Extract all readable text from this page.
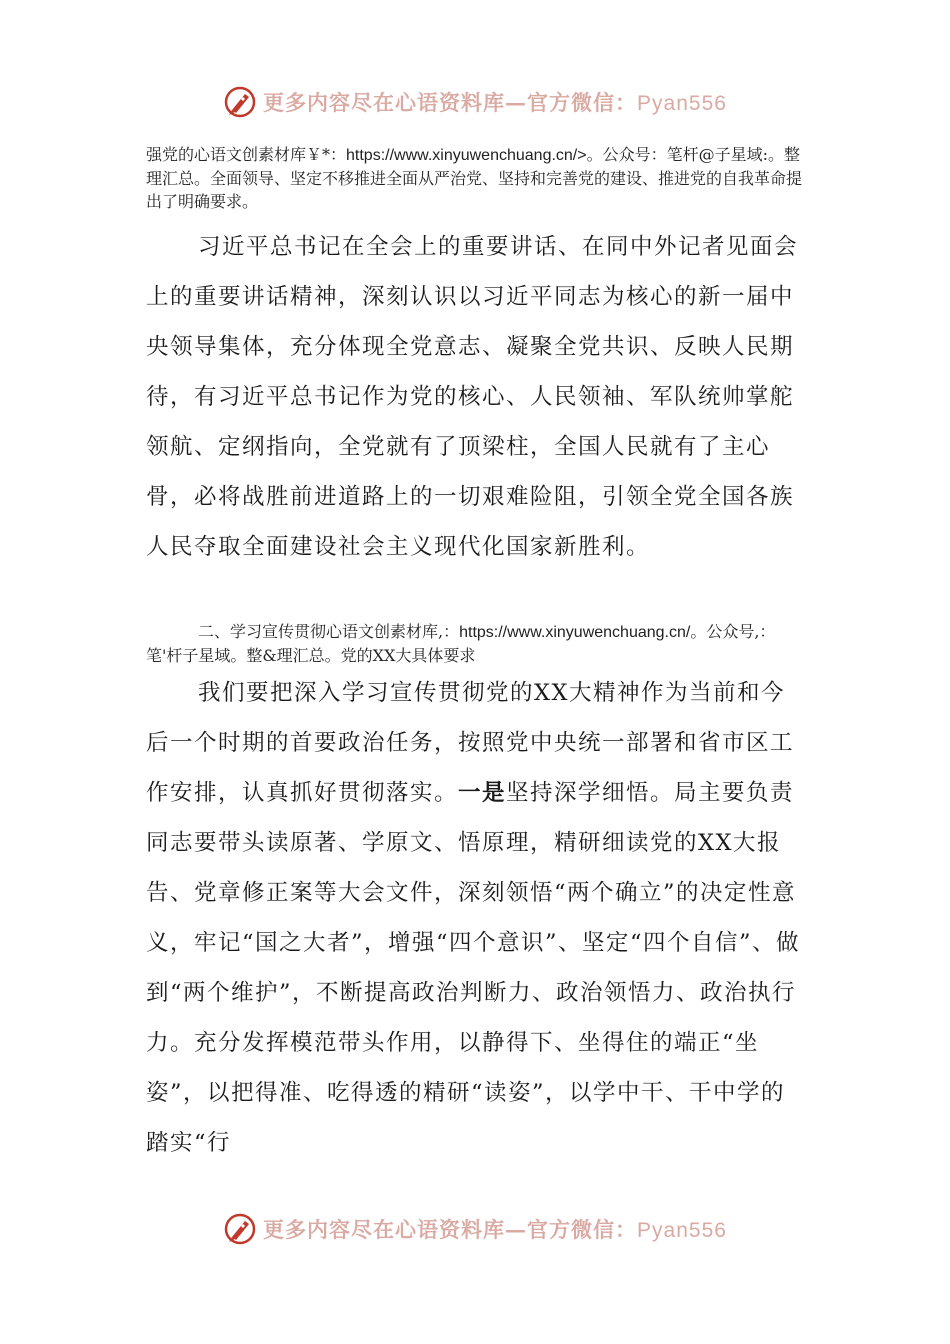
更多内容尽在心语资料库—官方微信：Pyan556
强党的心语文创素材库￥*：https://www.xinyuwenchuang.cn/>。公众号：笔杆@子星域:。整理汇总。全面领导、坚定不移推进全面从严治党、坚持和完善党的建设、推进党的自我革命提出了明确要求。

习近平总书记在全会上的重要讲话、在同中外记者见面会上的重要讲话精神，深刻认识以习近平同志为核心的新一届中央领导集体，充分体现全党意志、凝聚全党共识、反映人民期待，有习近平总书记作为党的核心、人民领袖、军队统帅掌舵领航、定纲指向，全党就有了顶梁柱，全国人民就有了主心骨，必将战胜前进道路上的一切艰难险阻，引领全党全国各族人民夺取全面建设社会主义现代化国家新胜利。

二、学习宣传贯彻心语文创素材库,：https://www.xinyuwenchuang.cn/。公众号,：笔'杆子星域。整&理汇总。党的XX大具体要求

我们要把深入学习宣传贯彻党的XX大精神作为当前和今后一个时期的首要政治任务，按照党中央统一部署和省市区工作安排，认真抓好贯彻落实。一是坚持深学细悟。局主要负责同志要带头读原著、学原文、悟原理，精研细读党的XX大报告、党章修正案等大会文件，深刻领悟“两个确立”的决定性意义，牢记“国之大者”，增强“四个意识”、坚定“四个自信”、做到“两个维护”，不断提高政治判断力、政治领悟力、政治执行力。充分发挥模范带头作用，以静得下、坐得住的端正“坐姿”，以把得准、吃得透的精研“读姿”，以学中干、干中学的踏实“行

更多内容尽在心语资料库—官方微信：Pyan556
